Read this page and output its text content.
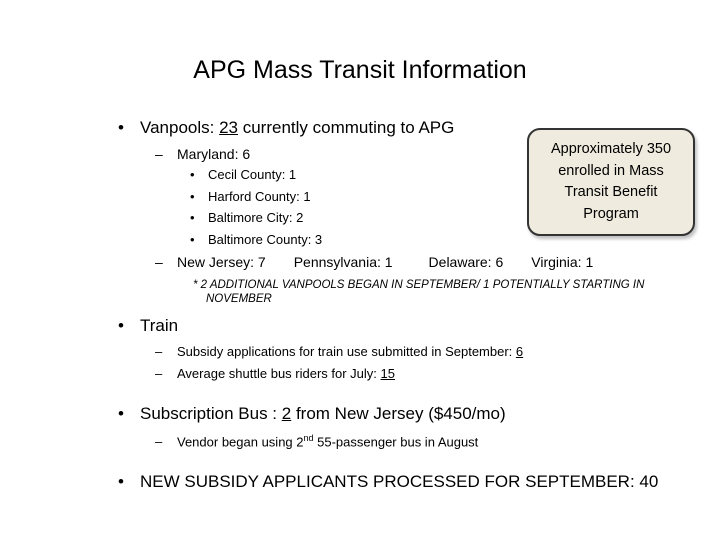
APG Mass Transit Information
• Vanpools: 23 currently commuting to APG
– Maryland: 6
• Cecil County: 1
• Harford County: 1
• Baltimore City: 2
• Baltimore County: 3
– New Jersey: 7 Pennsylvania: 1	Delaware: 6 Virginia: 1
* 2 ADDITIONAL VANPOOLS BEGAN IN SEPTEMBER/ 1 POTENTIALLY STARTING IN
NOVEMBER
Approximately 350 enrolled in Mass Transit Benefit Program
• Train
– Subsidy applications for train use submitted in September: 6
– Average shuttle bus riders for July: 15
• Subscription Bus : 2 from New Jersey ($450/mo)
– Vendor began using 2nd 55-passenger bus in August
• NEW SUBSIDY APPLICANTS PROCESSED FOR SEPTEMBER: 40
